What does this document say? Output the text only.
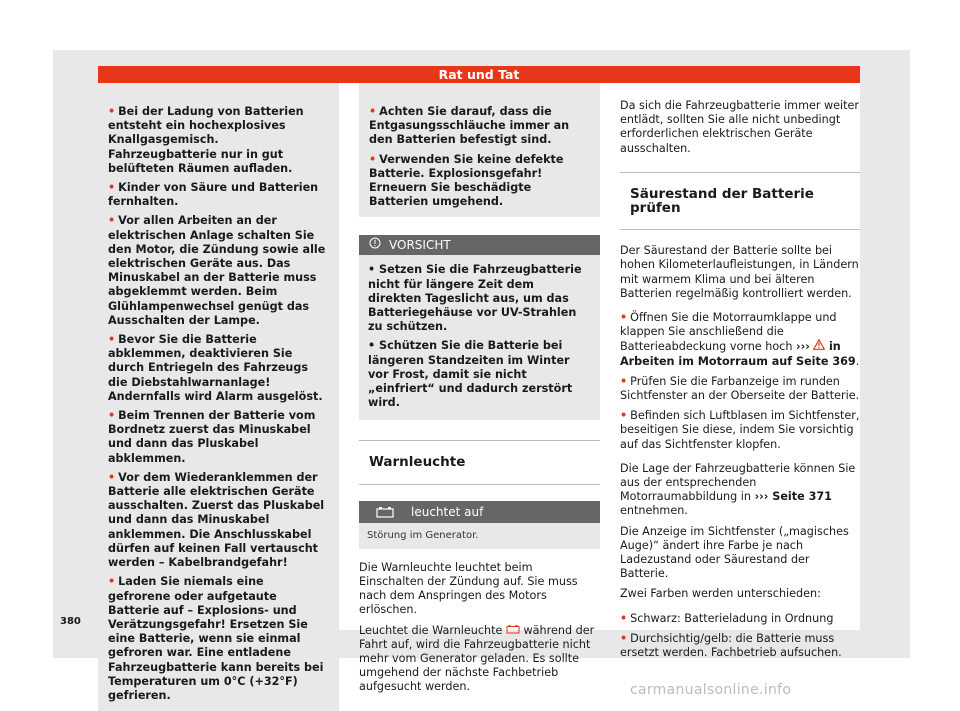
Rat und Tat

• Bei der Ladung von Batterien entsteht ein hochexplosives Knallgasgemisch. Fahrzeugbatterie nur in gut belüfteten Räumen aufladen.

• Kinder von Säure und Batterien fernhalten.

• Vor allen Arbeiten an der elektrischen Anlage schalten Sie den Motor, die Zündung sowie alle elektrischen Geräte aus. Das Minuskabel an der Batterie muss abgeklemmt werden. Beim Glühlampenwechsel genügt das Ausschalten der Lampe.

• Bevor Sie die Batterie abklemmen, deaktivieren Sie durch Entriegeln des Fahrzeugs die Diebstahlwarnanlage! Andernfalls wird Alarm ausgelöst.

• Beim Trennen der Batterie vom Bordnetz zuerst das Minuskabel und dann das Pluskabel abklemmen.

• Vor dem Wiederanklemmen der Batterie alle elektrischen Geräte ausschalten. Zuerst das Pluskabel und dann das Minuskabel anklemmen. Die Anschlusskabel dürfen auf keinen Fall vertauscht werden – Kabelbrandgefahr!

• Laden Sie niemals eine gefrorene oder aufgetaute Batterie auf – Explosions- und Verätzungsgefahr! Ersetzen Sie eine Batterie, wenn sie einmal gefroren war. Eine entladene Fahrzeugbatterie kann bereits bei Temperaturen um 0°C (+32°F) gefrieren.

• Achten Sie darauf, dass die Entgasungsschläuche immer an den Batterien befestigt sind.

• Verwenden Sie keine defekte Batterie. Explosionsgefahr! Erneuern Sie beschädigte Batterien umgehend.

VORSICHT

• Setzen Sie die Fahrzeugbatterie nicht für längere Zeit dem direkten Tageslicht aus, um das Batteriegehäuse vor UV-Strahlen zu schützen.

• Schützen Sie die Batterie bei längeren Standzeiten im Winter vor Frost, damit sie nicht „einfriert“ und dadurch zerstört wird.

Warnleuchte
leuchtet auf
Störung im Generator.

Die Warnleuchte leuchtet beim Einschalten der Zündung auf. Sie muss nach dem Anspringen des Motors erlöschen.

Leuchtet die Warnleuchte während der Fahrt auf, wird die Fahrzeugbatterie nicht mehr vom Generator geladen. Es sollte umgehend der nächste Fachbetrieb aufgesucht werden.

Da sich die Fahrzeugbatterie immer weiter entlädt, sollten Sie alle nicht unbedingt erforderlichen elektrischen Geräte ausschalten.

Säurestand der Batterie prüfen

Der Säurestand der Batterie sollte bei hohen Kilometerlaufleistungen, in Ländern mit warmem Klima und bei älteren Batterien regelmäßig kontrolliert werden.

• Öffnen Sie die Motorraumklappe und klappen Sie anschließend die Batterieabdeckung vorne hoch ››› in Arbeiten im Motorraum auf Seite 369.

• Prüfen Sie die Farbanzeige im runden Sichtfenster an der Oberseite der Batterie.

• Befinden sich Luftblasen im Sichtfenster, beseitigen Sie diese, indem Sie vorsichtig auf das Sichtfenster klopfen.

Die Lage der Fahrzeugbatterie können Sie aus der entsprechenden Motorraumabbildung in ››› Seite 371 entnehmen.

Die Anzeige im Sichtfenster („magisches Auge)“ ändert ihre Farbe je nach Ladezustand oder Säurestand der Batterie.

Zwei Farben werden unterschieden:

• Schwarz: Batterieladung in Ordnung

• Durchsichtig/gelb: die Batterie muss ersetzt werden. Fachbetrieb aufsuchen.

380
carmanualsonline.info
